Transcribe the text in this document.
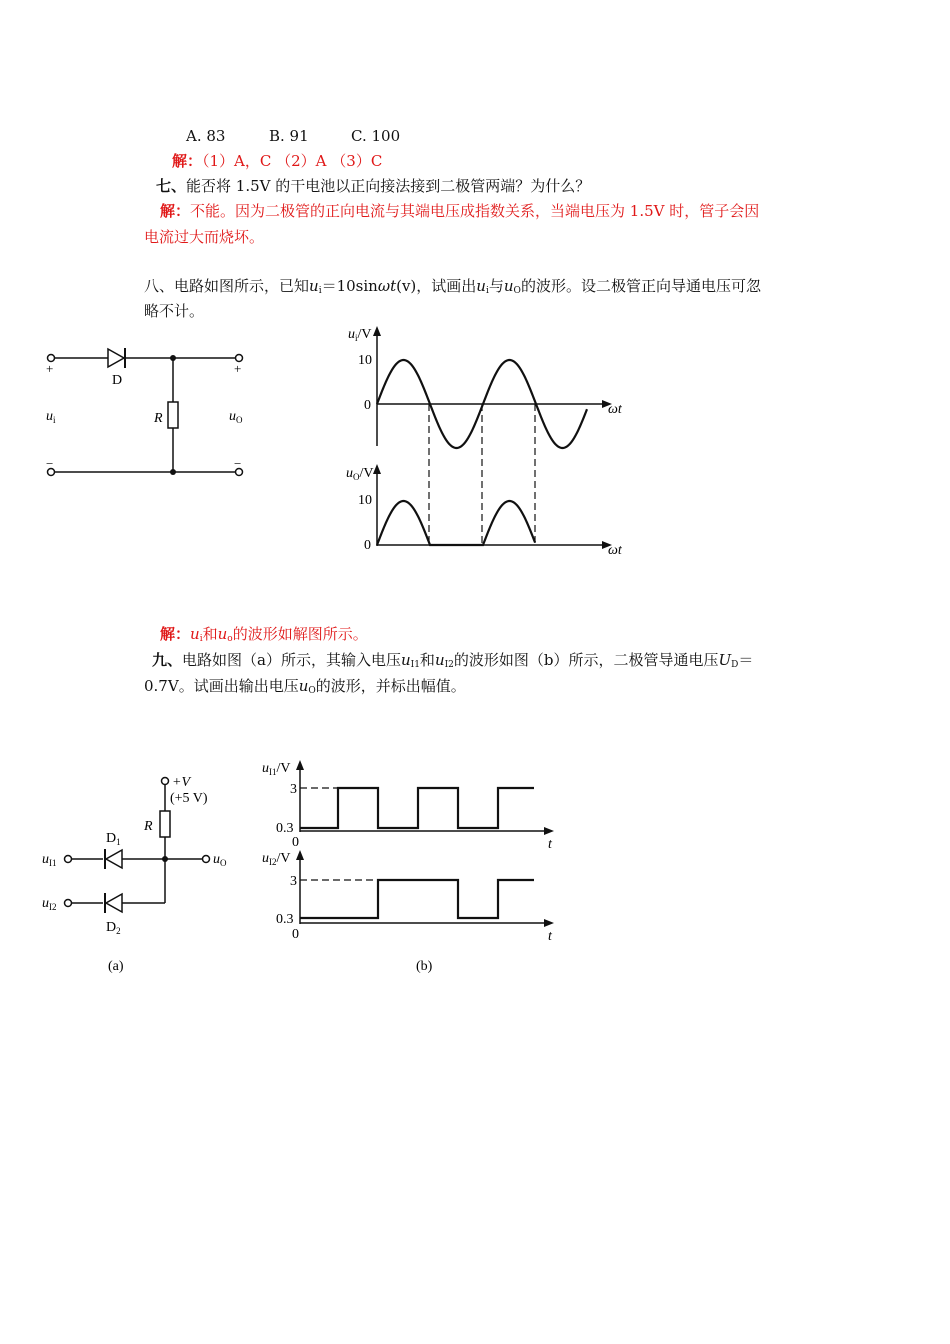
A. 83	B. 91	C. 100
解：（1）A，C （2）A （3）C
七、能否将 1.5V 的干电池以正向接法接到二极管两端？为什么？
解：不能。因为二极管的正向电流与其端电压成指数关系，当端电压为 1.5V 时，管子会因
电流过大而烧坏。
八、电路如图所示，已知$u_i=10\sin\omega t(v)$，试画出$u_i$与$u_O$的波形。设二极管正向导通电压可忽
略不计。
+	+
−	−
D
R
$u_i$	$u_O$
$u_i/V$
10
0	ωt
$u_O/V$
10
0	ωt
解：$u_i$和$u_o$的波形如解图所示。
九、电路如图（a）所示，其输入电压$u_{I1}$和$u_{I2}$的波形如图（b）所示，二极管导通电压$U_D=$
0.7V。试画出输出电压$u_O$的波形，并标出幅值。
+V
(+5 V)
R
$D_1$
$D_2$
$u_{I1}$
$u_{I2}$
$u_O$
(a)
$u_{I1}/V$
3
0.3
0	t
$u_{I2}/V$
3
0.3
0	t
(b)
